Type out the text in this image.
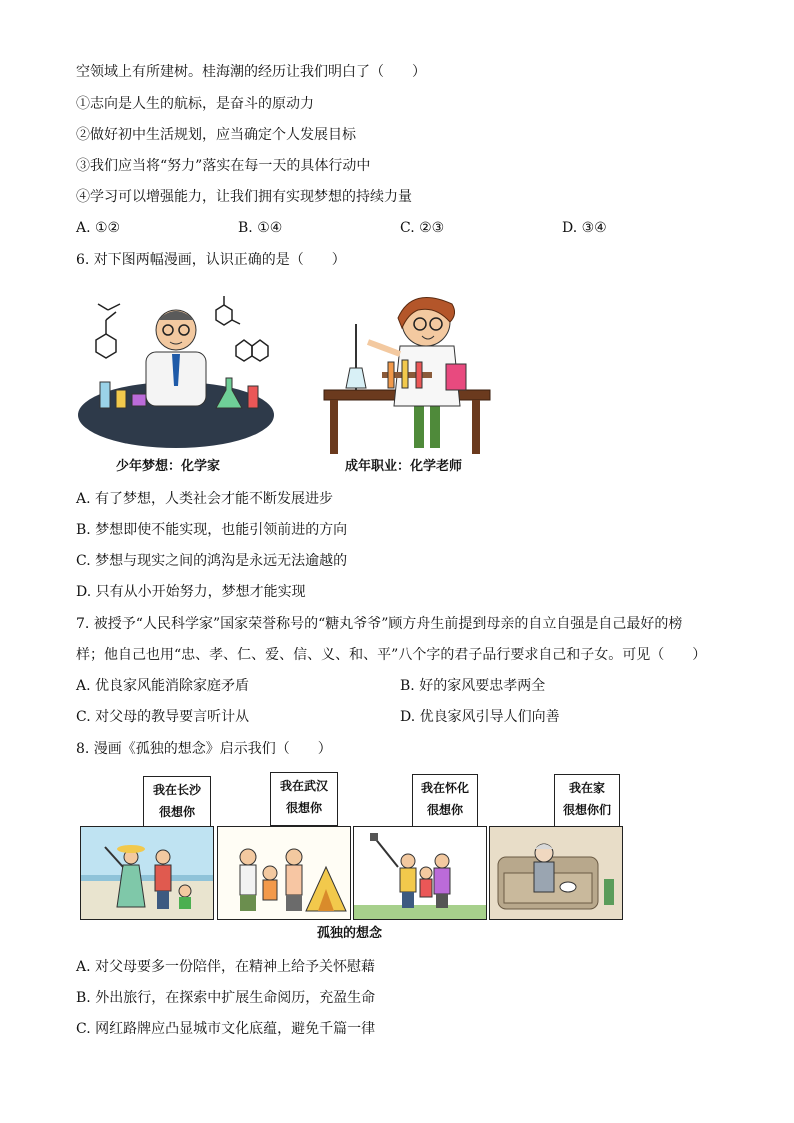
空领域上有所建树。桂海潮的经历让我们明白了（　　）
①志向是人生的航标，是奋斗的原动力
②做好初中生活规划，应当确定个人发展目标
③我们应当将“努力”落实在每一天的具体行动中
④学习可以增强能力，让我们拥有实现梦想的持续力量
A. ①②	B. ①④	C. ②③	D. ③④
6. 对下图两幅漫画，认识正确的是（　　）
少年梦想：化学家	成年职业：化学老师
A. 有了梦想，人类社会才能不断发展进步
B. 梦想即使不能实现，也能引领前进的方向
C. 梦想与现实之间的鸿沟是永远无法逾越的
D. 只有从小开始努力，梦想才能实现
7. 被授予“人民科学家”国家荣誉称号的“糖丸爷爷”顾方舟生前提到母亲的自立自强是自己最好的榜
样；他自己也用“忠、孝、仁、爱、信、义、和、平”八个字的君子品行要求自己和子女。可见（　　）
A. 优良家风能消除家庭矛盾	B. 好的家风要忠孝两全
C. 对父母的教导要言听计从	D. 优良家风引导人们向善
8. 漫画《孤独的想念》启示我们（　　）
我在长沙
很想你
我在武汉
很想你
我在怀化
很想你
我在家
很想你们
孤独的想念
A. 对父母要多一份陪伴，在精神上给予关怀慰藉
B. 外出旅行，在探索中扩展生命阅历，充盈生命
C. 网红路牌应凸显城市文化底蕴，避免千篇一律
